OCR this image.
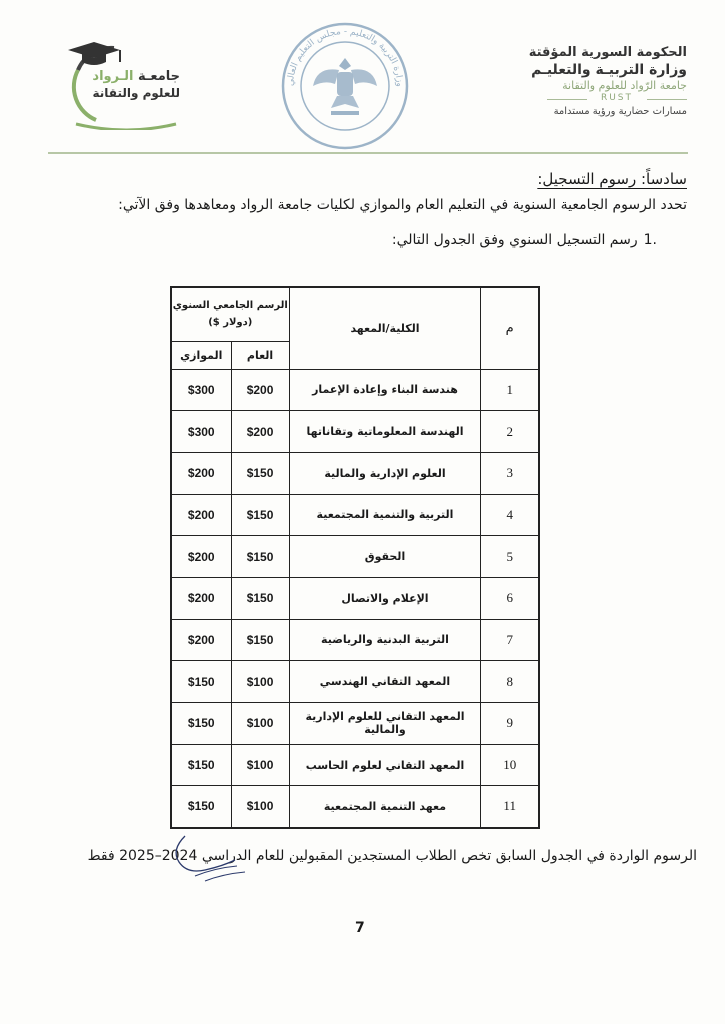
الحكومة السورية المؤقتة
وزارة التربيـة والتعليـم
جامعة الرّواد للعلوم والتقانة
RUST
مسارات حضارية ورؤية مستدامة
وزارة التربية والتعليم - مجلس التعليم العالي
جامعـة الـرواد
للعلوم والتقانة
سادساً: رسوم التسجيل:
تحدد الرسوم الجامعية السنوية في التعليم العام والموازي لكليات جامعة الرواد ومعاهدها وفق الآتي:
.1رسم التسجيل السنوي وفق الجدول التالي:
م	الكلية/المعهد	الرسم الجامعي السنوي
(دولار $)	

		العام	الموازي
1	هندسة البناء وإعادة الإعمار	$200	$300
2	الهندسة المعلوماتية وتقاناتها	$200	$300
3	العلوم الإدارية والمالية	$150	$200
4	التربية والتنمية المجتمعية	$150	$200
5	الحقوق	$150	$200
6	الإعلام والاتصال	$150	$200
7	التربية البدنية والرياضية	$150	$200
8	المعهد التقاني الهندسي	$100	$150
9	المعهد التقاني للعلوم الإدارية والمالية	$100	$150
10	المعهد التقاني لعلوم الحاسب	$100	$150
11	معهد التنمية المجتمعية	$100	$150
الرسوم الواردة في الجدول السابق تخص الطلاب المستجدين المقبولين للعام الدراسي 2024–2025 فقط
7
